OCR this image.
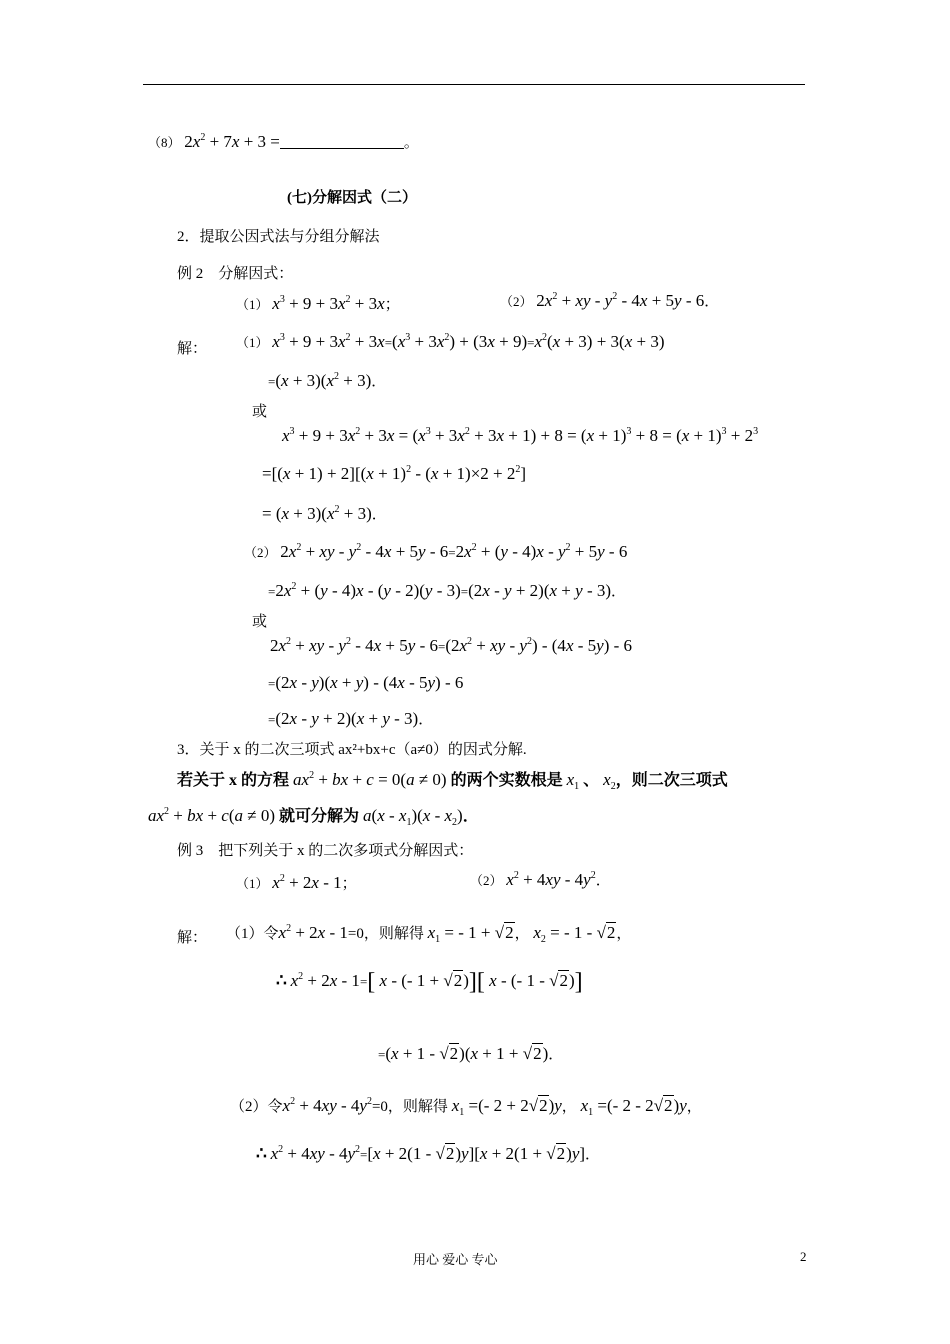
（8） $2x^2 + 7x + 3$ =	。
(七)分解因式（二）
2．提取公因式法与分组分解法
例 2　分解因式：
（1） $x^3 + 9 + 3x^2 + 3x$；	（2） $2x^2$ + xy - $y^2 - 4x + 5y - 6$．
解： （1） $x^3 + 9 + 3x^2 + 3x=(x^3 + 3x^2) + (3x + 9)=x^2(x + 3) + 3(x + 3)$
$=(x + 3)(x^2 + 3)$．
或
$x^3 + 9 + 3x^2 + 3x = (x^3 + 3x^2 + 3x + 1) + 8 = (x + 1)^3 + 8 = (x + 1)^3 + 2^3$
$=[(x + 1) + 2][(x + 1)^2 - (x + 1)\times 2 + 2^2]$
= $(x + 3)(x^2 + 3)$．
（2） $2x^2$ + xy - $y^2 - 4x + 5y - 6=2x^2 + (y - 4)x - y^2 + 5y - 6$
$=2x^2 + (y - 4)x - (y - 2)(y - 3)=(2x - y + 2)(x + y - 3)$．
或
$2x^2$ + xy - $y^2 - 4x + 5y - 6=(2x^2$ + xy - $y^2) - (4x - 5y) - 6$
=(2x - y)(x + y) - (4x - 5y) - 6
=(2x - y + 2)(x + y - 3)．
3．关于 x 的二次三项式 ax²+bx+c（a≠0）的因式分解.
若关于 x 的方程 $ax^2$ + bx + c = 0(a ≠ 0) 的两个实数根是 $x_1$ 、 $x_2$，则二次三项式
$ax^2$ + bx + c(a ≠ 0) 就可分解为 $a(x - x_1)(x - x_2)$．
例 3　把下列关于 x 的二次多项式分解因式：
（1） $x^2 + 2x - 1$；	（2） $x^2 + 4xy - 4y^2$．
解： （1）令$x^2 + 2x - 1=0$，则解得 $x_1$ = - 1 + √2， $x_2$ = - 1 - √2，
∴ $x^2 + 2x - 1=$[ x - (- 1 + √2)][ x - (- 1 - √2)]
=(x + 1 - √2)(x + 1 + √2)．
（2）令$x^2 + 4xy - 4y^2=0$，则解得 $x_1$ =(- 2 + 2√2)y， $x_1$ =(- 2 - 2√2)y，
∴ $x^2 + 4xy - 4y^2=[x + 2(1 - √2)y][x + 2(1 + √2)y]$．
用心 爱心 专心	2
